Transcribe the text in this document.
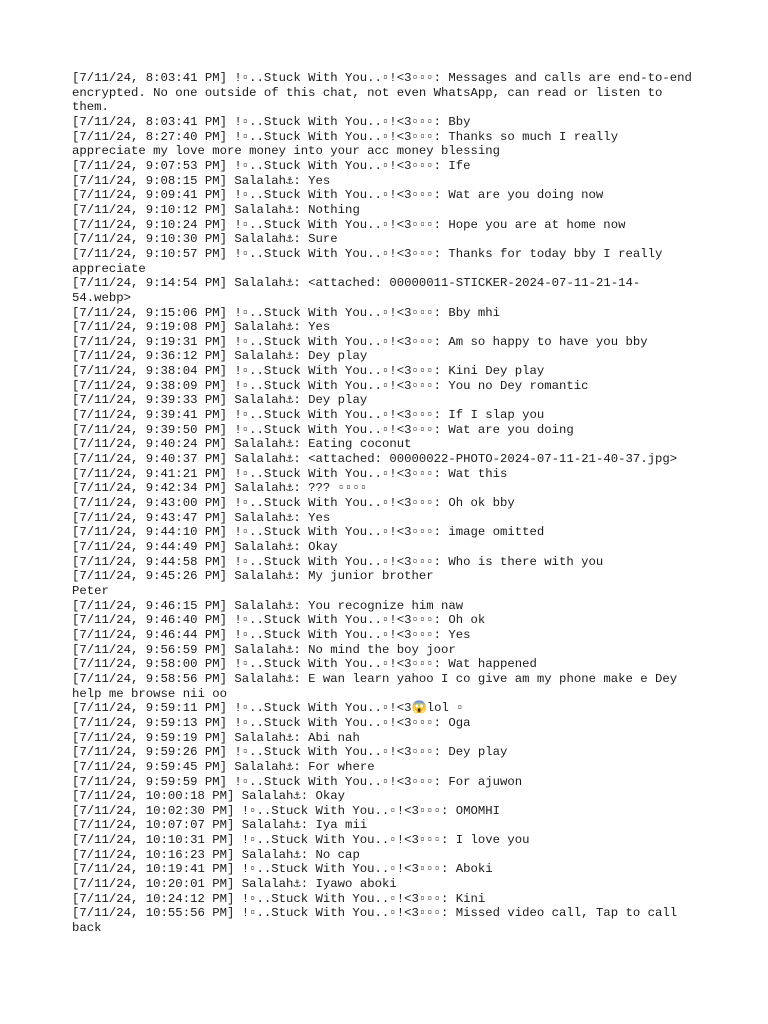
[7/11/24, 8:03:41 PM] !▫..Stuck With You..▫!<3▫▫▫: Messages and calls are end-to-end encrypted. No one outside of this chat, not even WhatsApp, can read or listen to them.
[7/11/24, 8:03:41 PM] !▫..Stuck With You..▫!<3▫▫▫: Bby
[7/11/24, 8:27:40 PM] !▫..Stuck With You..▫!<3▫▫▫: Thanks so much I really appreciate my love more money into your acc money blessing
[7/11/24, 9:07:53 PM] !▫..Stuck With You..▫!<3▫▫▫: Ife
[7/11/24, 9:08:15 PM] Salalah⚓: Yes
[7/11/24, 9:09:41 PM] !▫..Stuck With You..▫!<3▫▫▫: Wat are you doing now
[7/11/24, 9:10:12 PM] Salalah⚓: Nothing
[7/11/24, 9:10:24 PM] !▫..Stuck With You..▫!<3▫▫▫: Hope you are at home now
[7/11/24, 9:10:30 PM] Salalah⚓: Sure
[7/11/24, 9:10:57 PM] !▫..Stuck With You..▫!<3▫▫▫: Thanks for today bby I really appreciate
[7/11/24, 9:14:54 PM] Salalah⚓: <attached: 00000011-STICKER-2024-07-11-21-14-54.webp>
[7/11/24, 9:15:06 PM] !▫..Stuck With You..▫!<3▫▫▫: Bby mhi
[7/11/24, 9:19:08 PM] Salalah⚓: Yes
[7/11/24, 9:19:31 PM] !▫..Stuck With You..▫!<3▫▫▫: Am so happy to have you bby
[7/11/24, 9:36:12 PM] Salalah⚓: Dey play
[7/11/24, 9:38:04 PM] !▫..Stuck With You..▫!<3▫▫▫: Kini Dey play
[7/11/24, 9:38:09 PM] !▫..Stuck With You..▫!<3▫▫▫: You no Dey romantic
[7/11/24, 9:39:33 PM] Salalah⚓: Dey play
[7/11/24, 9:39:41 PM] !▫..Stuck With You..▫!<3▫▫▫: If I slap you
[7/11/24, 9:39:50 PM] !▫..Stuck With You..▫!<3▫▫▫: Wat are you doing
[7/11/24, 9:40:24 PM] Salalah⚓: Eating coconut
[7/11/24, 9:40:37 PM] Salalah⚓: <attached: 00000022-PHOTO-2024-07-11-21-40-37.jpg>
[7/11/24, 9:41:21 PM] !▫..Stuck With You..▫!<3▫▫▫: Wat this
[7/11/24, 9:42:34 PM] Salalah⚓: ??? ▫▫▫▫
[7/11/24, 9:43:00 PM] !▫..Stuck With You..▫!<3▫▫▫: Oh ok bby
[7/11/24, 9:43:47 PM] Salalah⚓: Yes
[7/11/24, 9:44:10 PM] !▫..Stuck With You..▫!<3▫▫▫: image omitted
[7/11/24, 9:44:49 PM] Salalah⚓: Okay
[7/11/24, 9:44:58 PM] !▫..Stuck With You..▫!<3▫▫▫: Who is there with you
[7/11/24, 9:45:26 PM] Salalah⚓: My junior brother
Peter
[7/11/24, 9:46:15 PM] Salalah⚓: You recognize him naw
[7/11/24, 9:46:40 PM] !▫..Stuck With You..▫!<3▫▫▫: Oh ok
[7/11/24, 9:46:44 PM] !▫..Stuck With You..▫!<3▫▫▫: Yes
[7/11/24, 9:56:59 PM] Salalah⚓: No mind the boy joor
[7/11/24, 9:58:00 PM] !▫..Stuck With You..▫!<3▫▫▫: Wat happened
[7/11/24, 9:58:56 PM] Salalah⚓: E wan learn yahoo I co give am my phone make e Dey help me browse nii oo
[7/11/24, 9:59:11 PM] !▫..Stuck With You..▫!<3😱lol ▫
[7/11/24, 9:59:13 PM] !▫..Stuck With You..▫!<3▫▫▫: Oga
[7/11/24, 9:59:19 PM] Salalah⚓: Abi nah
[7/11/24, 9:59:26 PM] !▫..Stuck With You..▫!<3▫▫▫: Dey play
[7/11/24, 9:59:45 PM] Salalah⚓: For where
[7/11/24, 9:59:59 PM] !▫..Stuck With You..▫!<3▫▫▫: For ajuwon
[7/11/24, 10:00:18 PM] Salalah⚓: Okay
[7/11/24, 10:02:30 PM] !▫..Stuck With You..▫!<3▫▫▫: OMOMHI
[7/11/24, 10:07:07 PM] Salalah⚓: Iya mii
[7/11/24, 10:10:31 PM] !▫..Stuck With You..▫!<3▫▫▫: I love you
[7/11/24, 10:16:23 PM] Salalah⚓: No cap
[7/11/24, 10:19:41 PM] !▫..Stuck With You..▫!<3▫▫▫: Aboki
[7/11/24, 10:20:01 PM] Salalah⚓: Iyawo aboki
[7/11/24, 10:24:12 PM] !▫..Stuck With You..▫!<3▫▫▫: Kini
[7/11/24, 10:55:56 PM] !▫..Stuck With You..▫!<3▫▫▫: Missed video call, Tap to call back
